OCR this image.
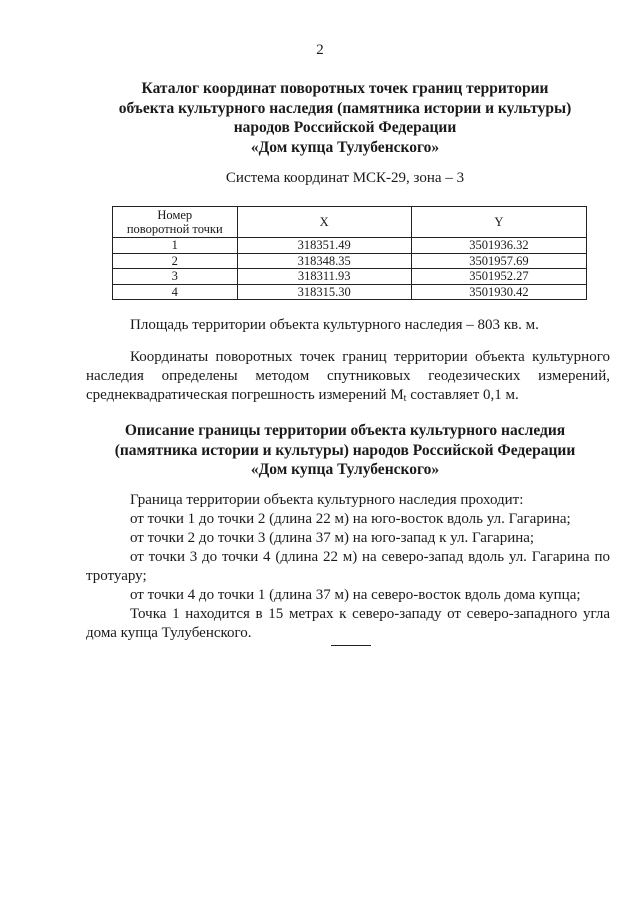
2
Каталог координат поворотных точек границ территории
объекта культурного наследия (памятника истории и культуры)
народов Российской Федерации
«Дом купца Тулубенского»
Система координат МСК-29, зона – 3
Номер
поворотной точки	X	Y
1	318351.49	3501936.32
2	318348.35	3501957.69
3	318311.93	3501952.27
4	318315.30	3501930.42
Площадь территории объекта культурного наследия – 803 кв. м.
Координаты поворотных точек границ территории объекта культурного наследия определены методом спутниковых геодезических измерений, среднеквадратическая погрешность измерений Мt составляет 0,1 м.
Описание границы территории объекта культурного наследия
(памятника истории и культуры) народов Российской Федерации
«Дом купца Тулубенского»

Граница территории объекта культурного наследия проходит:

от точки 1 до точки 2 (длина 22 м) на юго-восток вдоль ул. Гагарина;

от точки 2 до точки 3 (длина 37 м) на юго-запад к ул. Гагарина;

от точки 3 до точки 4 (длина 22 м) на северо-запад вдоль ул. Гагарина по тротуару;

от точки 4 до точки 1 (длина 37 м) на северо-восток вдоль дома купца;

Точка 1 находится в 15 метрах к северо-западу от северо-западного угла дома купца Тулубенского.
